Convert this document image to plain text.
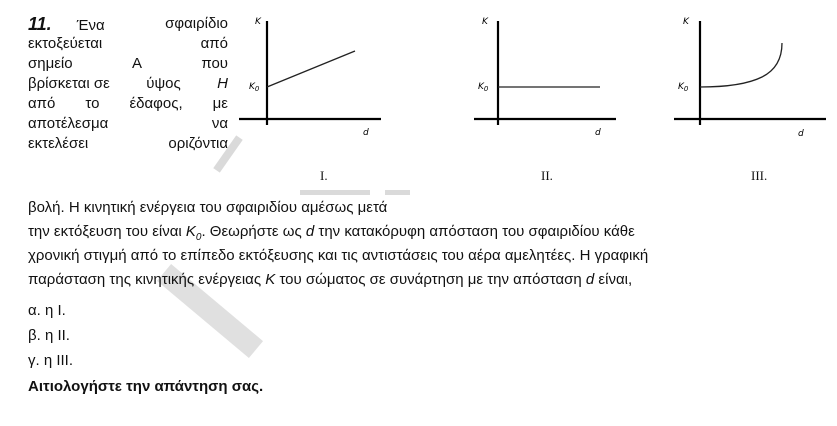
11. Ένα	σφαιρίδιο
εκτοξεύεται	από
σημείο	Α	που
βρίσκεται σε ύψος Η
από το έδαφος, με
αποτέλεσμα	να
εκτελέσει	οριζόντια
K
$K_0$
d
I.
K
$K_0$
d
II.
K
$K_0$
d
III.
βολή. Η κινητική ενέργεια του σφαιριδίου αμέσως μετά
την εκτόξευση του είναι $K_0$. Θεωρήστε ως d την κατακόρυφη απόσταση του σφαιριδίου κάθε
χρονική στιγμή από το επίπεδο εκτόξευσης και τις αντιστάσεις του αέρα αμελητέες. Η γραφική
παράσταση της κινητικής ενέργειας K του σώματος σε συνάρτηση με την απόσταση d είναι,
α. η Ι.
β. η ΙΙ.
γ. η ΙΙΙ.
Αιτιολογήστε την απάντηση σας.
